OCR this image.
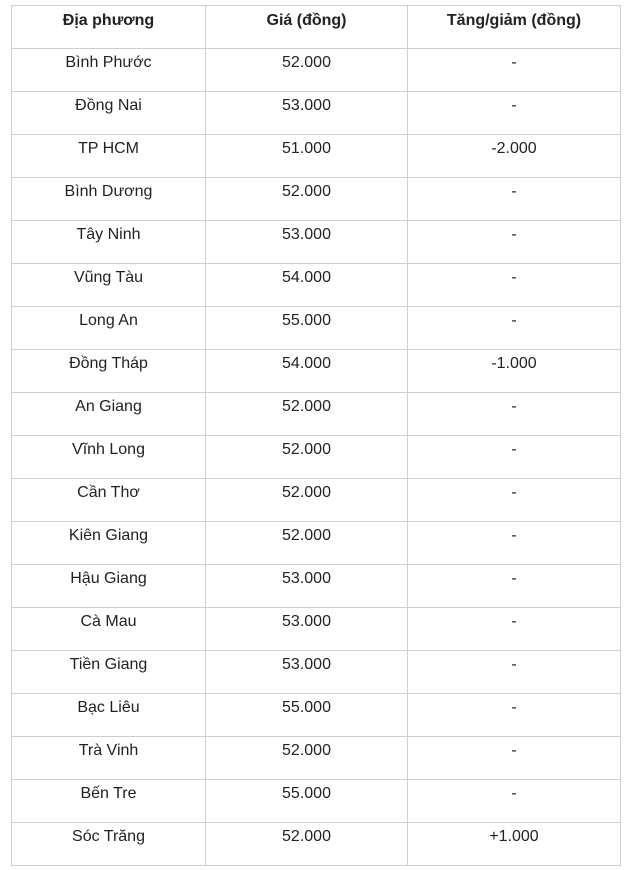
Địa phương	Giá (đồng)	Tăng/giảm (đồng)
Bình Phước	52.000	-
Đồng Nai	53.000	-
TP HCM	51.000	-2.000
Bình Dương	52.000	-
Tây Ninh	53.000	-
Vũng Tàu	54.000	-
Long An	55.000	-
Đồng Tháp	54.000	-1.000
An Giang	52.000	-
Vĩnh Long	52.000	-
Cần Thơ	52.000	-
Kiên Giang	52.000	-
Hậu Giang	53.000	-
Cà Mau	53.000	-
Tiền Giang	53.000	-
Bạc Liêu	55.000	-
Trà Vinh	52.000	-
Bến Tre	55.000	-
Sóc Trăng	52.000	+1.000
